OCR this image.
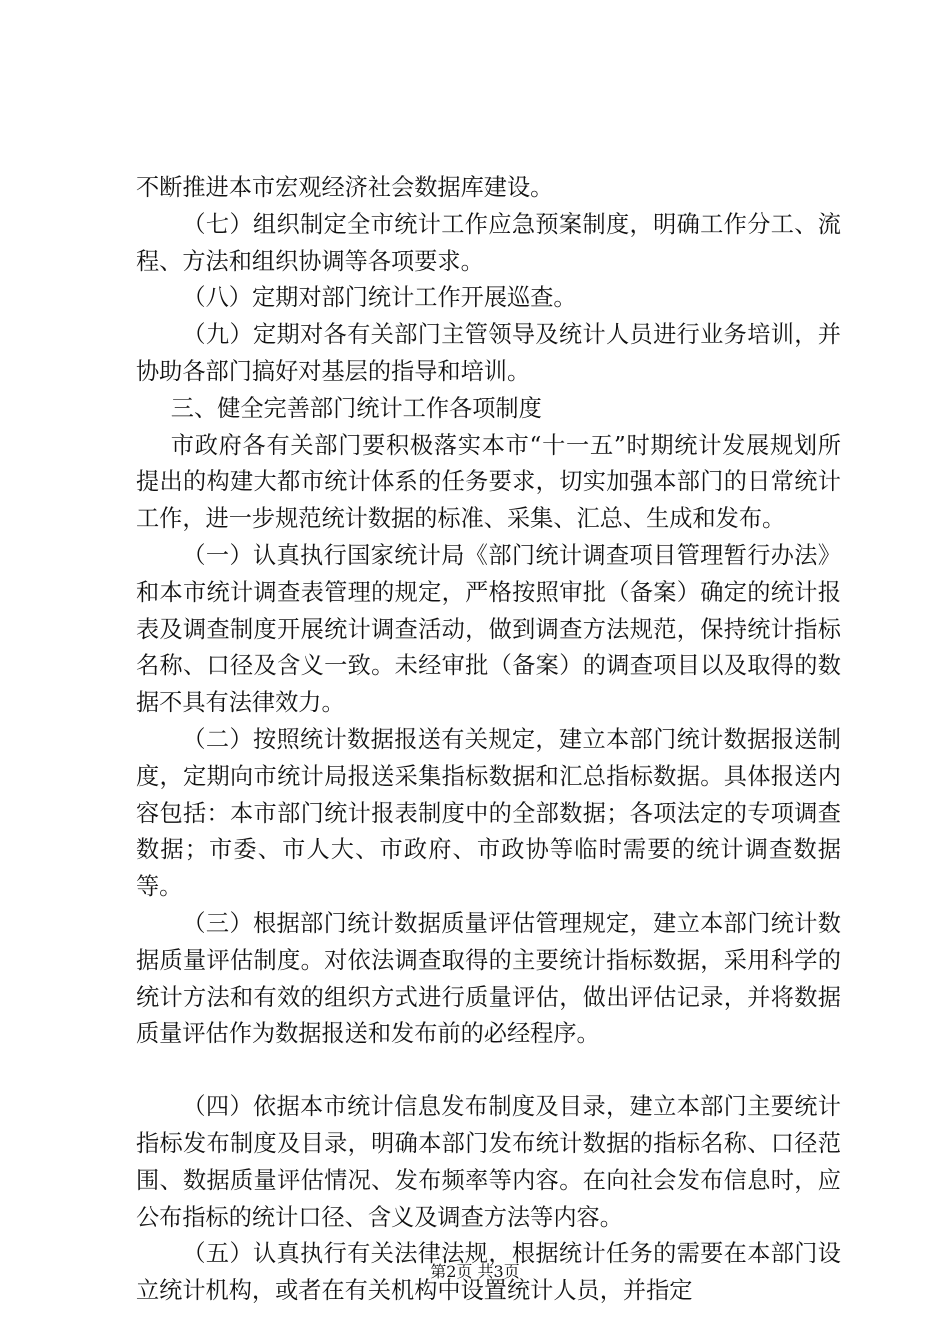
不断推进本市宏观经济社会数据库建设。

（七）组织制定全市统计工作应急预案制度，明确工作分工、流程、方法和组织协调等各项要求。

（八）定期对部门统计工作开展巡查。

（九）定期对各有关部门主管领导及统计人员进行业务培训，并协助各部门搞好对基层的指导和培训。

三、健全完善部门统计工作各项制度

市政府各有关部门要积极落实本市“十一五”时期统计发展规划所提出的构建大都市统计体系的任务要求，切实加强本部门的日常统计工作，进一步规范统计数据的标准、采集、汇总、生成和发布。

（一）认真执行国家统计局《部门统计调查项目管理暂行办法》和本市统计调查表管理的规定，严格按照审批（备案）确定的统计报表及调查制度开展统计调查活动，做到调查方法规范，保持统计指标名称、口径及含义一致。未经审批（备案）的调查项目以及取得的数据不具有法律效力。

（二）按照统计数据报送有关规定，建立本部门统计数据报送制度，定期向市统计局报送采集指标数据和汇总指标数据。具体报送内容包括：本市部门统计报表制度中的全部数据；各项法定的专项调查数据；市委、市人大、市政府、市政协等临时需要的统计调查数据等。

（三）根据部门统计数据质量评估管理规定，建立本部门统计数据质量评估制度。对依法调查取得的主要统计指标数据，采用科学的统计方法和有效的组织方式进行质量评估，做出评估记录，并将数据质量评估作为数据报送和发布前的必经程序。

（四）依据本市统计信息发布制度及目录，建立本部门主要统计指标发布制度及目录，明确本部门发布统计数据的指标名称、口径范围、数据质量评估情况、发布频率等内容。在向社会发布信息时，应公布指标的统计口径、含义及调查方法等内容。

（五）认真执行有关法律法规，根据统计任务的需要在本部门设立统计机构，或者在有关机构中设置统计人员，并指定

第2页 共3页
